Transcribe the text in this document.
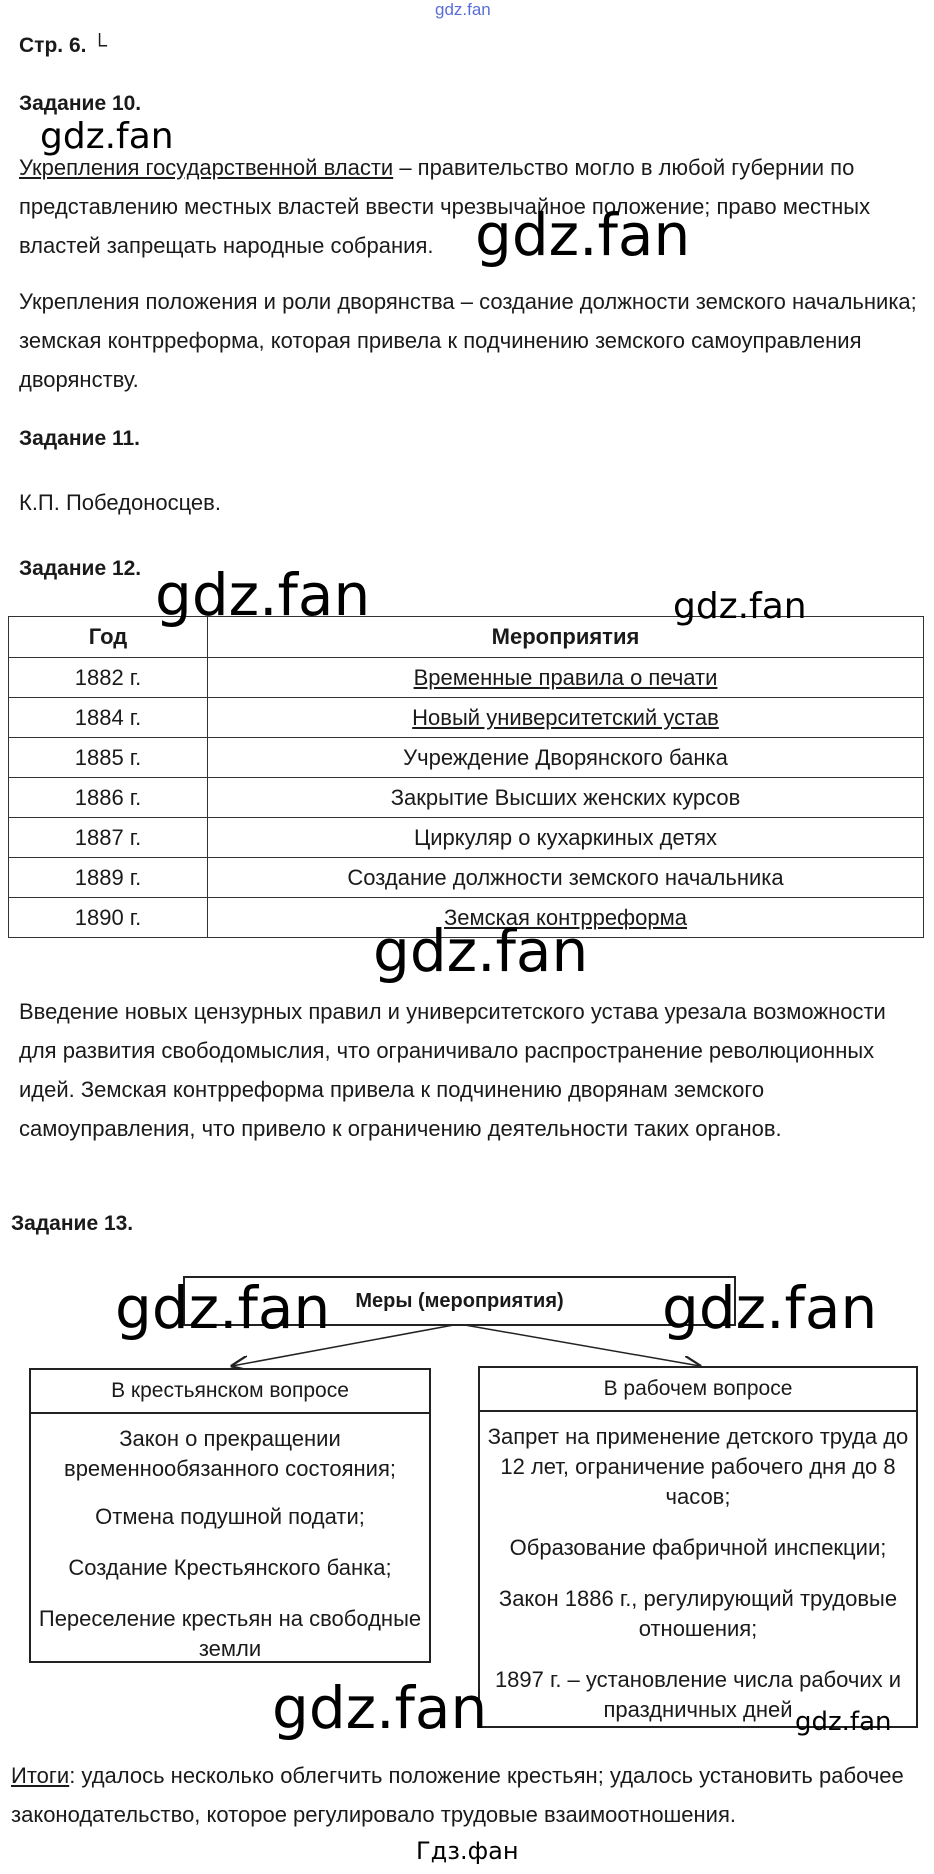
gdz.fan
Стр. 6. └
Задание 10.
gdz.fan
Укрепления государственной власти – правительство могло в любой губернии по представлению местных властей ввести чрезвычайное положение; право местных властей запрещать народные собрания. gdz.fan
Укрепления положения и роли дворянства – создание должности земского начальника; земская контрреформа, которая привела к подчинению земского самоуправления дворянству.
Задание 11.
К.П. Победоносцев.
Задание 12.
Год	Мероприятия
1882 г.	Временные правила о печати
1884 г.	Новый университетский устав
1885 г.	Учреждение Дворянского банка
1886 г.	Закрытие Высших женских курсов
1887 г.	Циркуляр о кухаркиных детях
1889 г.	Создание должности земского начальника
1890 г.	Земская контрреформа
gdz.fan	gdz.fan
gdz.fan
Введение новых цензурных правил и университетского устава урезала возможности для развития свободомыслия, что ограничивало распространение революционных идей. Земская контрреформа привела к подчинению дворянам земского самоуправления, что привело к ограничению деятельности таких органов.
Задание 13.
Меры (мероприятия)
В крестьянском вопросе
Закон о прекращении временнообязанного состояния;
Отмена подушной подати;
Создание Крестьянского банка;
Переселение крестьян на свободные земли
В рабочем вопросе
Запрет на применение детского труда до 12 лет, ограничение рабочего дня до 8 часов;
Образование фабричной инспекции;
Закон 1886 г., регулирующий трудовые отношения;
1897 г. – установление числа рабочих и праздничных дней
gdz.fan	gdz.fan
gdz.fan	gdz.fan
Итоги: удалось несколько облегчить положение крестьян; удалось установить рабочее законодательство, которое регулировало трудовые взаимоотношения.
Гдз.фан
